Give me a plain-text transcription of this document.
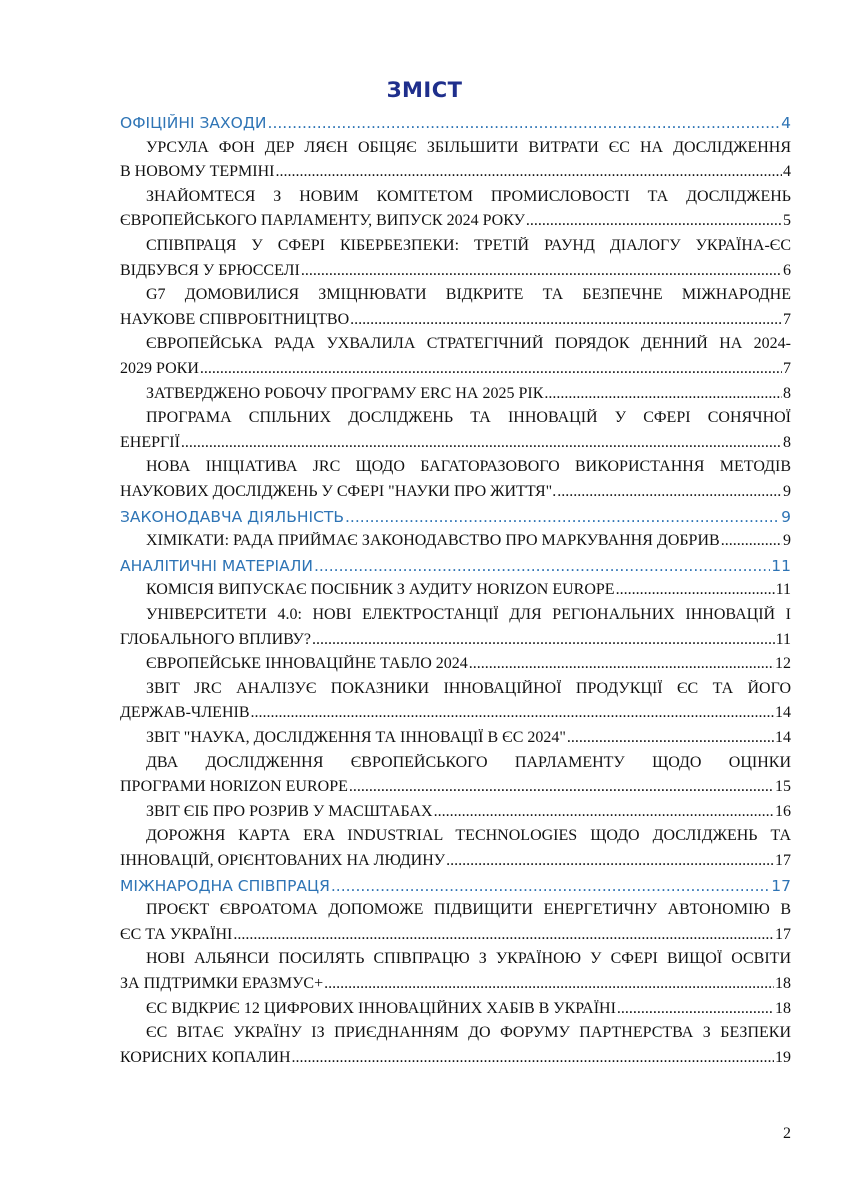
ЗМІСТ
ОФІЦІЙНІ ЗАХОДИ .....	4
УРСУЛА ФОН ДЕР ЛЯЄН ОБІЦЯЄ ЗБІЛЬШИТИ ВИТРАТИ ЄС НА ДОСЛІДЖЕННЯ
В НОВОМУ ТЕРМІНІ .....	4
ЗНАЙОМТЕСЯ З НОВИМ КОМІТЕТОМ ПРОМИСЛОВОСТІ ТА ДОСЛІДЖЕНЬ
ЄВРОПЕЙСЬКОГО ПАРЛАМЕНТУ, ВИПУСК 2024 РОКУ .....	5
СПІВПРАЦЯ У СФЕРІ КІБЕРБЕЗПЕКИ: ТРЕТІЙ РАУНД ДІАЛОГУ УКРАЇНА-ЄС
ВІДБУВСЯ У БРЮССЕЛІ .....	6
G7 ДОМОВИЛИСЯ ЗМІЦНЮВАТИ ВІДКРИТЕ ТА БЕЗПЕЧНЕ МІЖНАРОДНЕ
НАУКОВЕ СПІВРОБІТНИЦТВО .....	7
ЄВРОПЕЙСЬКА РАДА УХВАЛИЛА СТРАТЕГІЧНИЙ ПОРЯДОК ДЕННИЙ НА 2024-
2029 РОКИ .....	7
ЗАТВЕРДЖЕНО РОБОЧУ ПРОГРАМУ ERC НА 2025 РІК .....	8
ПРОГРАМА СПІЛЬНИХ ДОСЛІДЖЕНЬ ТА ІННОВАЦІЙ У СФЕРІ СОНЯЧНОЇ
ЕНЕРГІЇ .....	8
НОВА ІНІЦІАТИВА JRC ЩОДО БАГАТОРАЗОВОГО ВИКОРИСТАННЯ МЕТОДІВ
НАУКОВИХ ДОСЛІДЖЕНЬ У СФЕРІ "НАУКИ ПРО ЖИТТЯ". .....	9
ЗАКОНОДАВЧА ДІЯЛЬНІСТЬ .....	9
ХІМІКАТИ: РАДА ПРИЙМАЄ ЗАКОНОДАВСТВО ПРО МАРКУВАННЯ ДОБРИВ .....	9
АНАЛІТИЧНІ МАТЕРІАЛИ .....	11
КОМІСІЯ ВИПУСКАЄ ПОСІБНИК З АУДИТУ HORIZON EUROPE .....	11
УНІВЕРСИТЕТИ 4.0: НОВІ ЕЛЕКТРОСТАНЦІЇ ДЛЯ РЕГІОНАЛЬНИХ ІННОВАЦІЙ І
ГЛОБАЛЬНОГО ВПЛИВУ? .....	11
ЄВРОПЕЙСЬКЕ ІННОВАЦІЙНЕ ТАБЛО 2024 .....	12
ЗВІТ JRC АНАЛІЗУЄ ПОКАЗНИКИ ІННОВАЦІЙНОЇ ПРОДУКЦІЇ ЄС ТА ЙОГО
ДЕРЖАВ-ЧЛЕНІВ .....	14
ЗВІТ "НАУКА, ДОСЛІДЖЕННЯ ТА ІННОВАЦІЇ В ЄС 2024" .....	14
ДВА ДОСЛІДЖЕННЯ ЄВРОПЕЙСЬКОГО ПАРЛАМЕНТУ ЩОДО ОЦІНКИ
ПРОГРАМИ HORIZON EUROPE .....	15
ЗВІТ ЄІБ ПРО РОЗРИВ У МАСШТАБАХ .....	16
ДОРОЖНЯ КАРТА ERA INDUSTRIAL TECHNOLOGIES ЩОДО ДОСЛІДЖЕНЬ ТА
ІННОВАЦІЙ, ОРІЄНТОВАНИХ НА ЛЮДИНУ .....	17
МІЖНАРОДНА СПІВПРАЦЯ .....	17
ПРОЄКТ ЄВРОАТОМА ДОПОМОЖЕ ПІДВИЩИТИ ЕНЕРГЕТИЧНУ АВТОНОМІЮ В
ЄС ТА УКРАЇНІ .....	17
НОВІ АЛЬЯНСИ ПОСИЛЯТЬ СПІВПРАЦЮ З УКРАЇНОЮ У СФЕРІ ВИЩОЇ ОСВІТИ
ЗА ПІДТРИМКИ ЕРАЗМУС+ .....	18
ЄС ВІДКРИЄ 12 ЦИФРОВИХ ІННОВАЦІЙНИХ ХАБІВ В УКРАЇНІ .....	18
ЄС ВІТАЄ УКРАЇНУ ІЗ ПРИЄДНАННЯМ ДО ФОРУМУ ПАРТНЕРСТВА З БЕЗПЕКИ
КОРИСНИХ КОПАЛИН .....	19
2
